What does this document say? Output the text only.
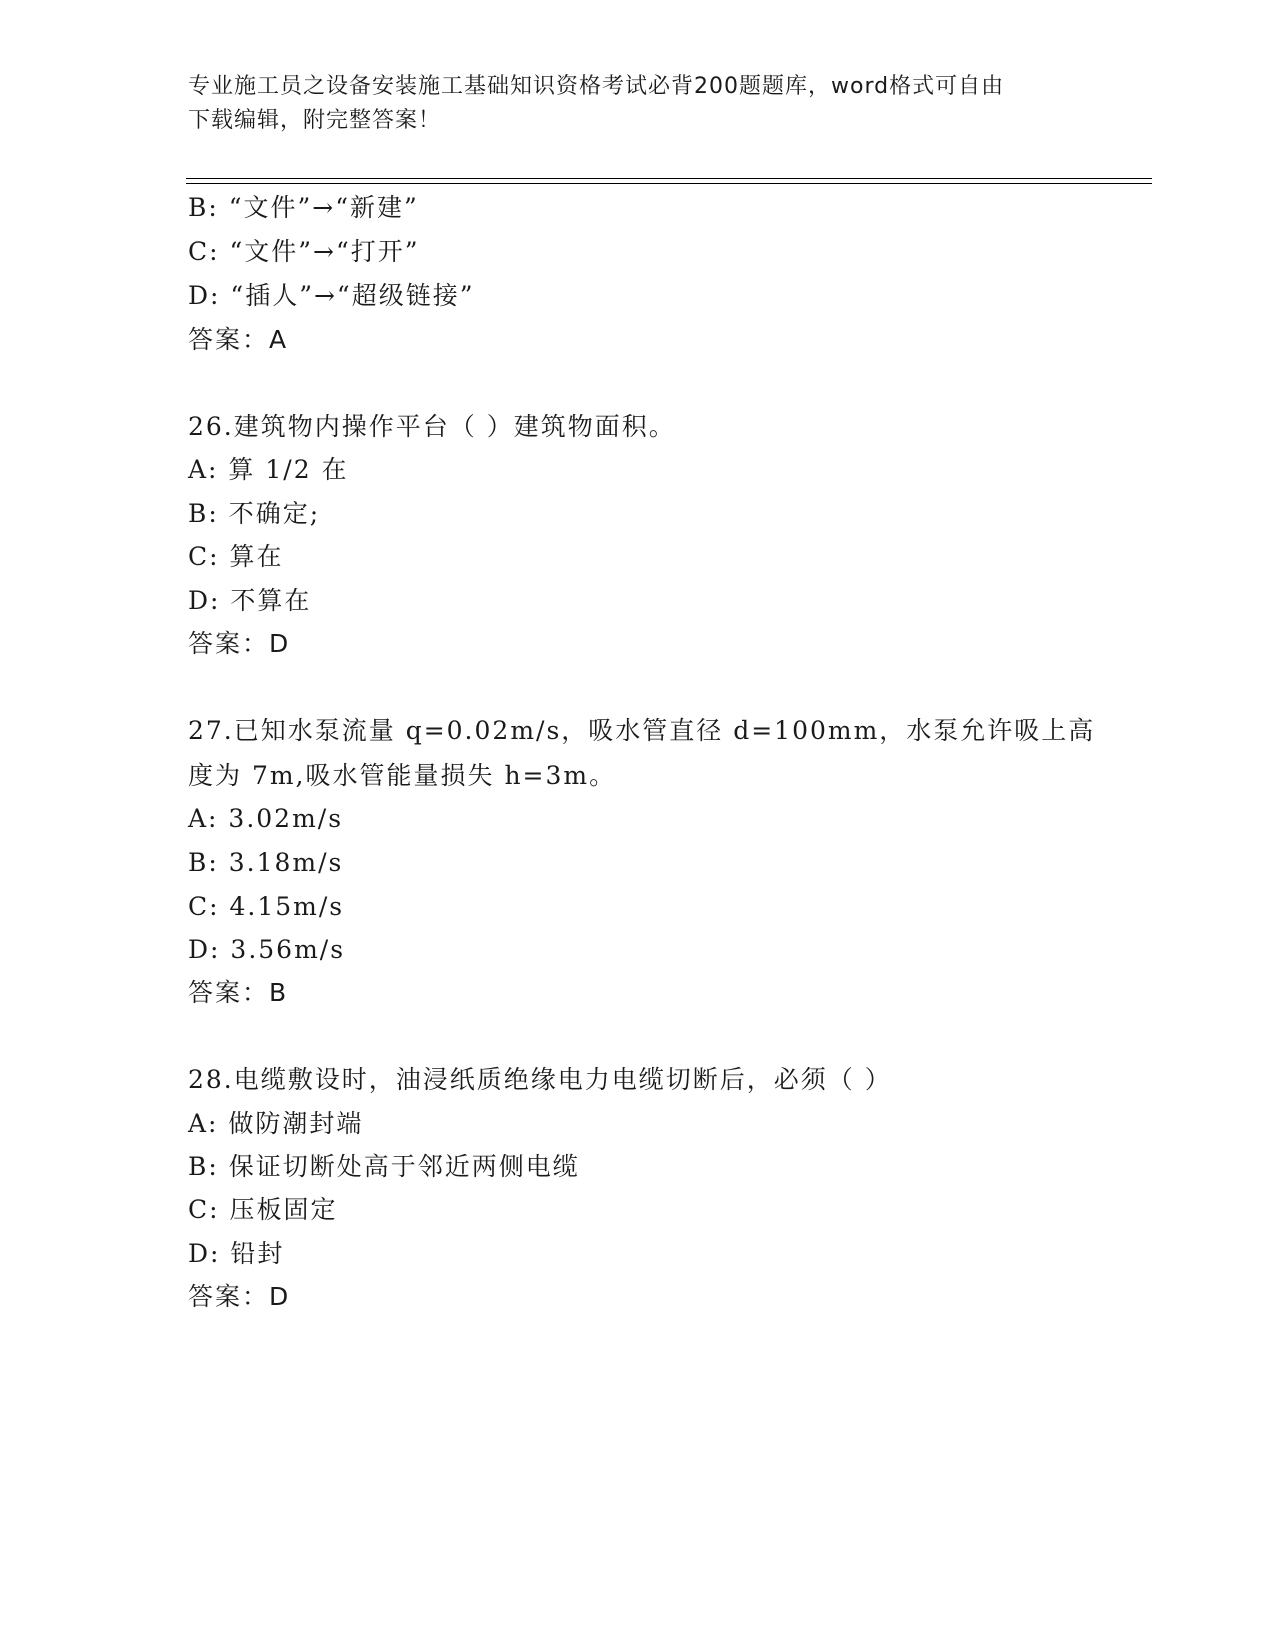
专业施工员之设备安装施工基础知识资格考试必背200题题库，word格式可自由
下载编辑，附完整答案！
B: “文件”→“新建”
C: “文件”→“打开”
D: “插人”→“超级链接”
答案：A
26.建筑物内操作平台（ ）建筑物面积。
A: 算 1/2 在
B: 不确定;
C: 算在
D: 不算在
答案：D
27.已知水泵流量 q=0.02m/s，吸水管直径 d=100mm，水泵允许吸上高
度为 7m,吸水管能量损失 h=3m。
A: 3.02m/s
B: 3.18m/s
C: 4.15m/s
D: 3.56m/s
答案：B
28.电缆敷设时，油浸纸质绝缘电力电缆切断后，必须（ ）
A: 做防潮封端
B: 保证切断处高于邻近两侧电缆
C: 压板固定
D: 铅封
答案：D
